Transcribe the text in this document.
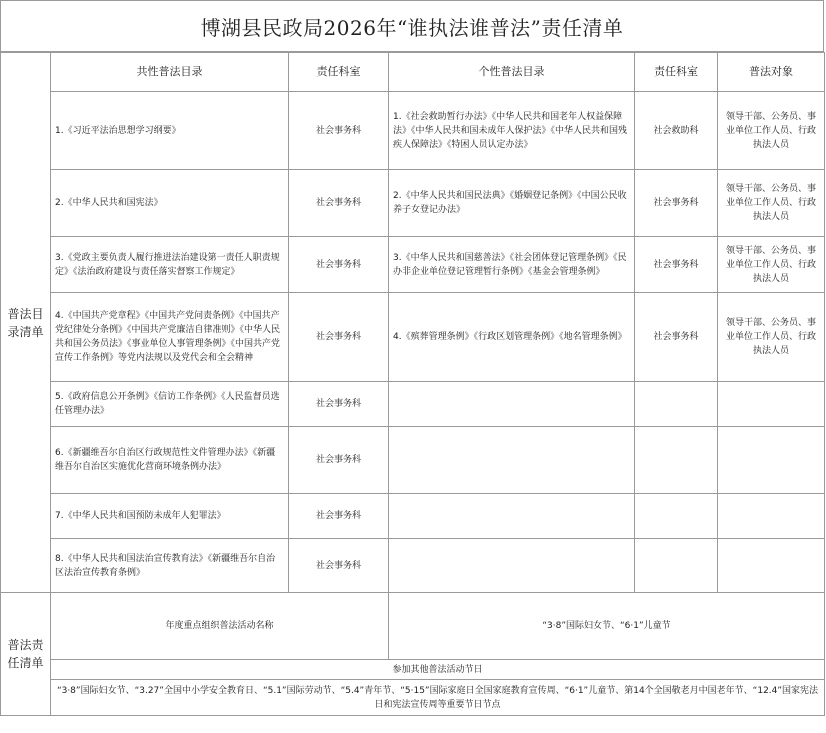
博湖县民政局2026年“谁执法谁普法”责任清单
普法目录清单	共性普法目录	责任科室	个性普法目录	责任科室	普法对象
	1.《习近平法治思想学习纲要》	社会事务科	1.《社会救助暂行办法》《中华人民共和国老年人权益保障法》《中华人民共和国未成年人保护法》《中华人民共和国残疾人保障法》《特困人员认定办法》	社会救助科	领导干部、公务员、事业单位工作人员、行政执法人员
	2.《中华人民共和国宪法》	社会事务科	2.《中华人民共和国民法典》《婚姻登记条例》《中国公民收养子女登记办法》	社会事务科	领导干部、公务员、事业单位工作人员、行政执法人员
	3.《党政主要负责人履行推进法治建设第一责任人职责规定》《法治政府建设与责任落实督察工作规定》	社会事务科	3.《中华人民共和国慈善法》《社会团体登记管理条例》《民办非企业单位登记管理暂行条例》《基金会管理条例》	社会事务科	领导干部、公务员、事业单位工作人员、行政执法人员
	4.《中国共产党章程》《中国共产党问责条例》《中国共产党纪律处分条例》《中国共产党廉洁自律准则》《中华人民共和国公务员法》《事业单位人事管理条例》《中国共产党宣传工作条例》等党内法规以及党代会和全会精神	社会事务科	4.《殡葬管理条例》《行政区划管理条例》《地名管理条例》	社会事务科	领导干部、公务员、事业单位工作人员、行政执法人员
	5.《政府信息公开条例》《信访工作条例》《人民监督员选任管理办法》	社会事务科			
	6.《新疆维吾尔自治区行政规范性文件管理办法》《新疆维吾尔自治区实施优化营商环境条例办法》	社会事务科			
	7.《中华人民共和国预防未成年人犯罪法》	社会事务科			
	8.《中华人民共和国法治宣传教育法》《新疆维吾尔自治区法治宣传教育条例》	社会事务科			
普法责任清单	年度重点组织普法活动名称		“3·8”国际妇女节、“6·1”儿童节		
	参加其他普法活动节日				
	“3·8”国际妇女节、“3.27”全国中小学安全教育日、“5.1”国际劳动节、“5.4”青年节、“5·15”国际家庭日全国家庭教育宣传周、“6·1”儿童节、第14个全国敬老月中国老年节、“12.4”国家宪法日和宪法宣传周等重要节日节点				
